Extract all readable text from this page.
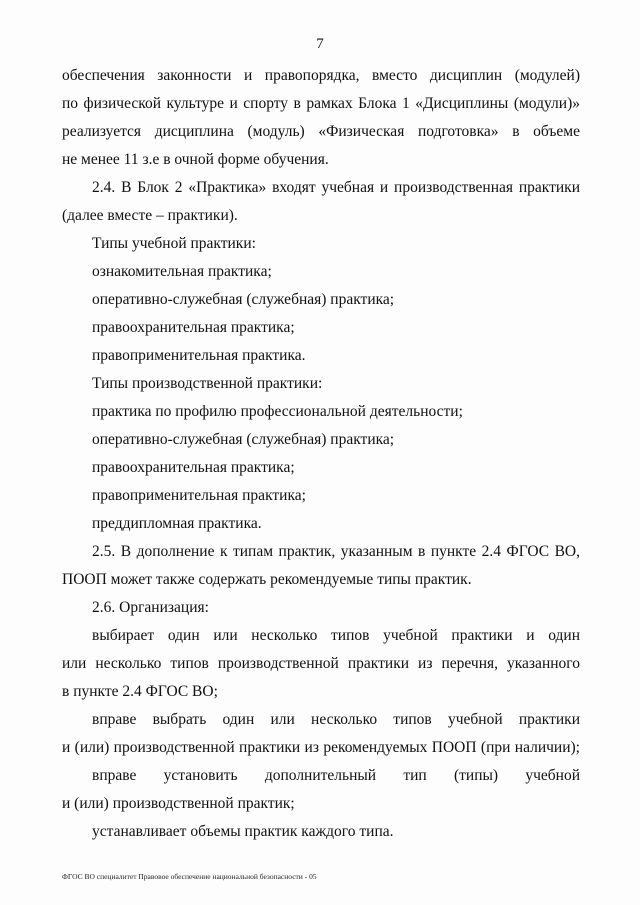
7
обеспечения законности и правопорядка, вместо дисциплин (модулей)
по физической культуре и спорту в рамках Блока 1 «Дисциплины (модули)»
реализуется дисциплина (модуль) «Физическая подготовка» в объеме
не менее 11 з.е в очной форме обучения.
2.4. В Блок 2 «Практика» входят учебная и производственная практики
(далее вместе – практики).
Типы учебной практики:
ознакомительная практика;
оперативно-служебная (служебная) практика;
правоохранительная практика;
правоприменительная практика.
Типы производственной практики:
практика по профилю профессиональной деятельности;
оперативно-служебная (служебная) практика;
правоохранительная практика;
правоприменительная практика;
преддипломная практика.
2.5. В дополнение к типам практик, указанным в пункте 2.4 ФГОС ВО,
ПООП может также содержать рекомендуемые типы практик.
2.6. Организация:
выбирает один или несколько типов учебной практики и один
или несколько типов производственной практики из перечня, указанного
в пункте 2.4 ФГОС ВО;
вправе выбрать один или несколько типов учебной практики
и (или) производственной практики из рекомендуемых ПООП (при наличии);
вправе установить дополнительный тип (типы) учебной
и (или) производственной практик;
устанавливает объемы практик каждого типа.
ФГОС ВО специалитет Правовое обеспечение национальной безопасности - 05
